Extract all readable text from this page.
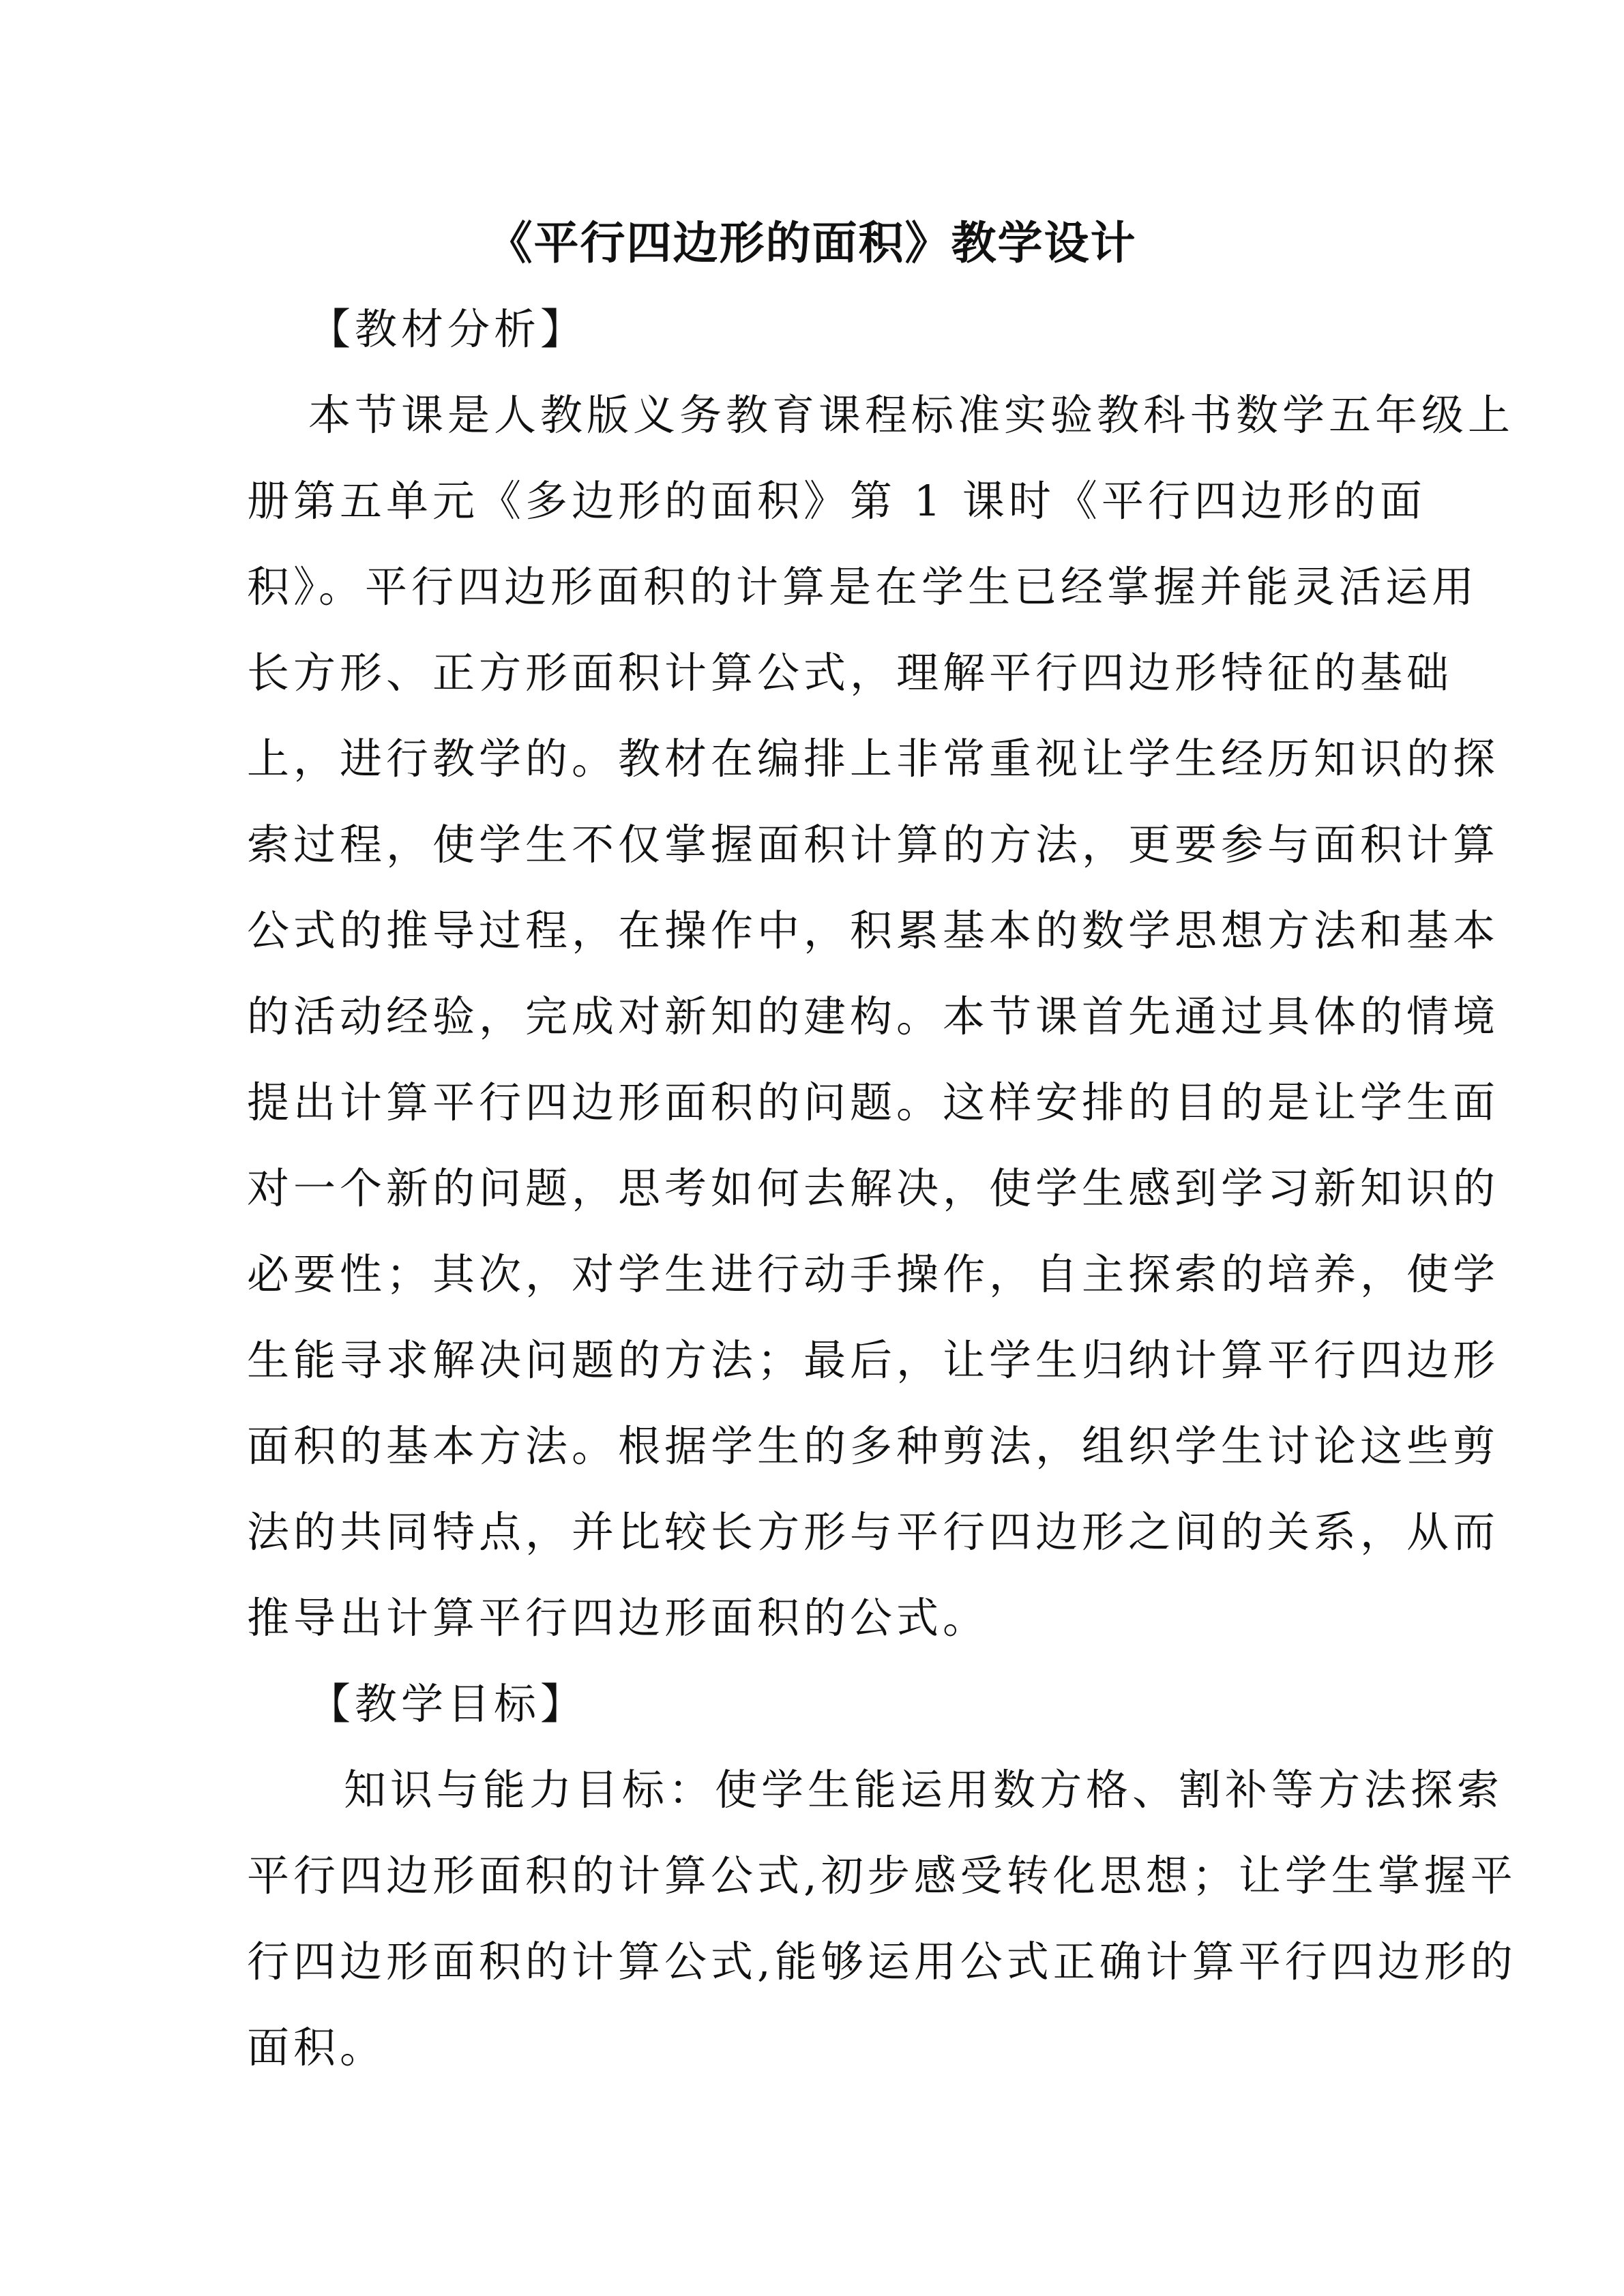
《平行四边形的面积》教学设计
【教材分析】
本节课是人教版义务教育课程标准实验教科书数学五年级上
册第五单元《多边形的面积》第 1 课时《平行四边形的面
积》。平行四边形面积的计算是在学生已经掌握并能灵活运用
长方形、正方形面积计算公式，理解平行四边形特征的基础
上，进行教学的。教材在编排上非常重视让学生经历知识的探
索过程，使学生不仅掌握面积计算的方法，更要参与面积计算
公式的推导过程，在操作中，积累基本的数学思想方法和基本
的活动经验，完成对新知的建构。本节课首先通过具体的情境
提出计算平行四边形面积的问题。这样安排的目的是让学生面
对一个新的问题，思考如何去解决，使学生感到学习新知识的
必要性；其次，对学生进行动手操作，自主探索的培养，使学
生能寻求解决问题的方法；最后，让学生归纳计算平行四边形
面积的基本方法。根据学生的多种剪法，组织学生讨论这些剪
法的共同特点，并比较长方形与平行四边形之间的关系，从而
推导出计算平行四边形面积的公式。
【教学目标】
知识与能力目标：使学生能运用数方格、割补等方法探索
平行四边形面积的计算公式,初步感受转化思想；让学生掌握平
行四边形面积的计算公式,能够运用公式正确计算平行四边形的
面积。
